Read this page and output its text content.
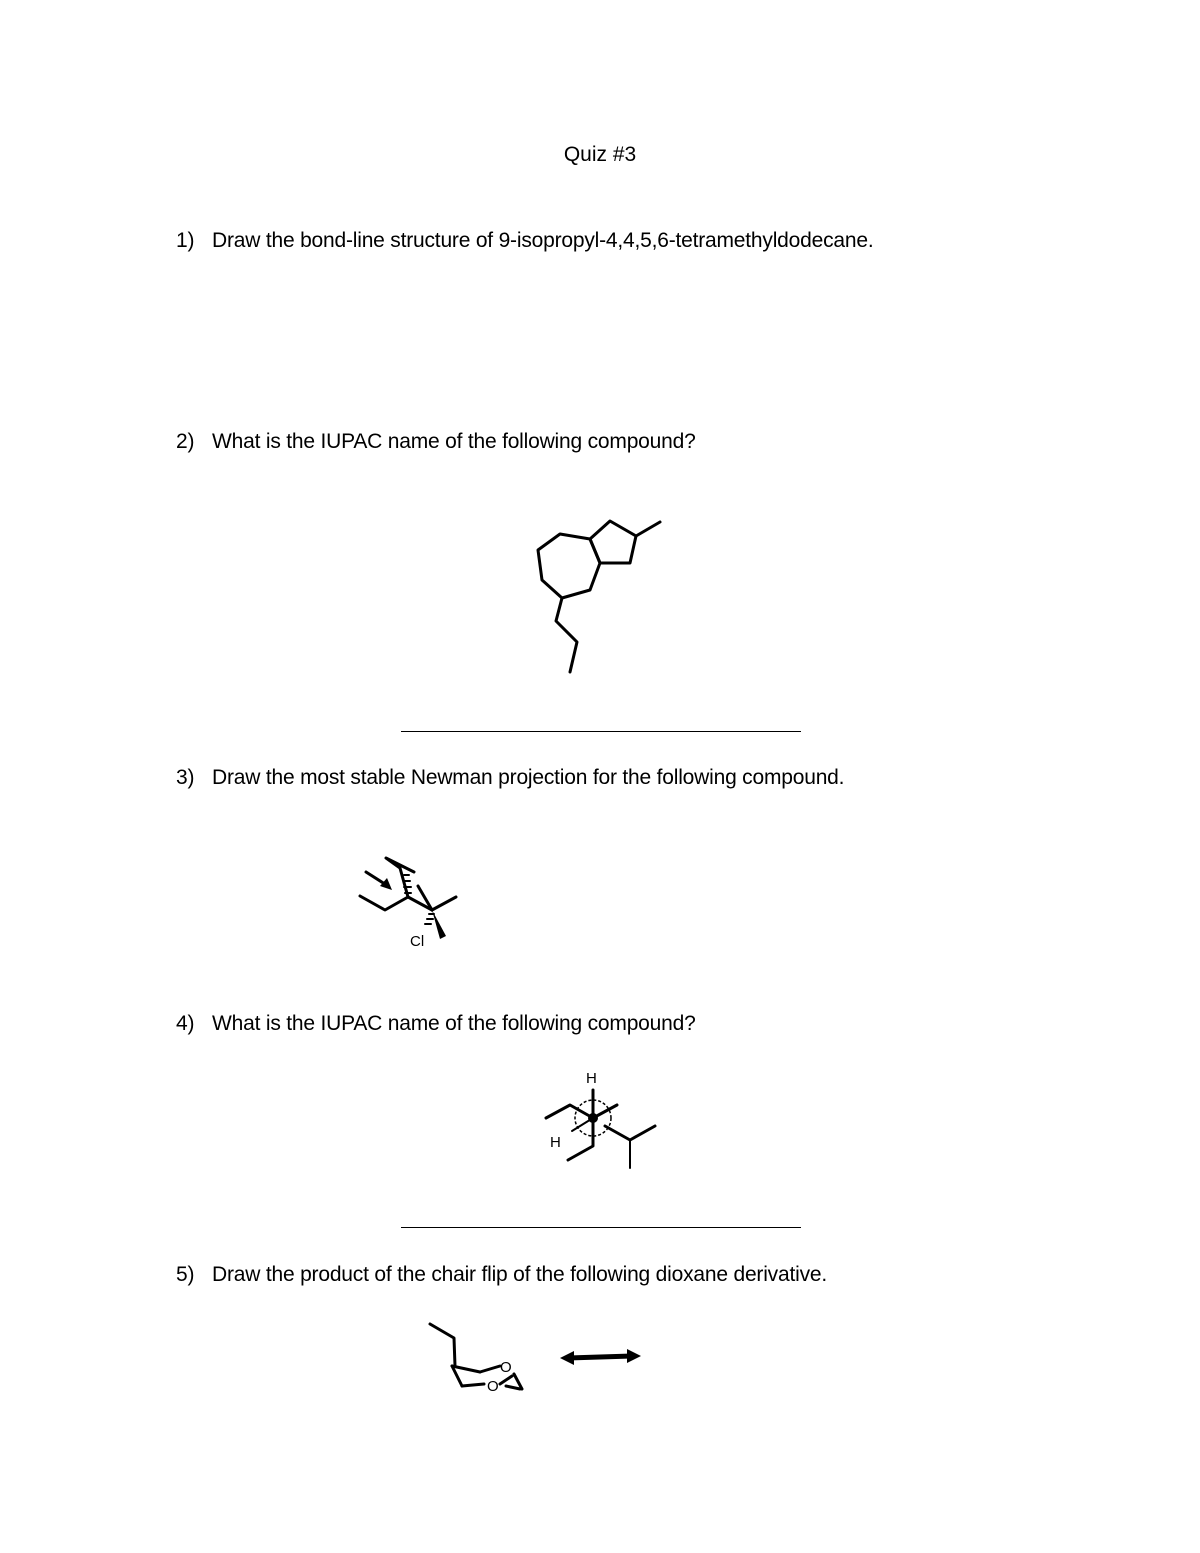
Quiz #3
1) Draw the bond-line structure of 9-isopropyl-4,4,5,6-tetramethyldodecane.
2) What is the IUPAC name of the following compound?
3) Draw the most stable Newman projection for the following compound.
4) What is the IUPAC name of the following compound?
5) Draw the product of the chair flip of the following dioxane derivative.
Cl
H
H
O
O
